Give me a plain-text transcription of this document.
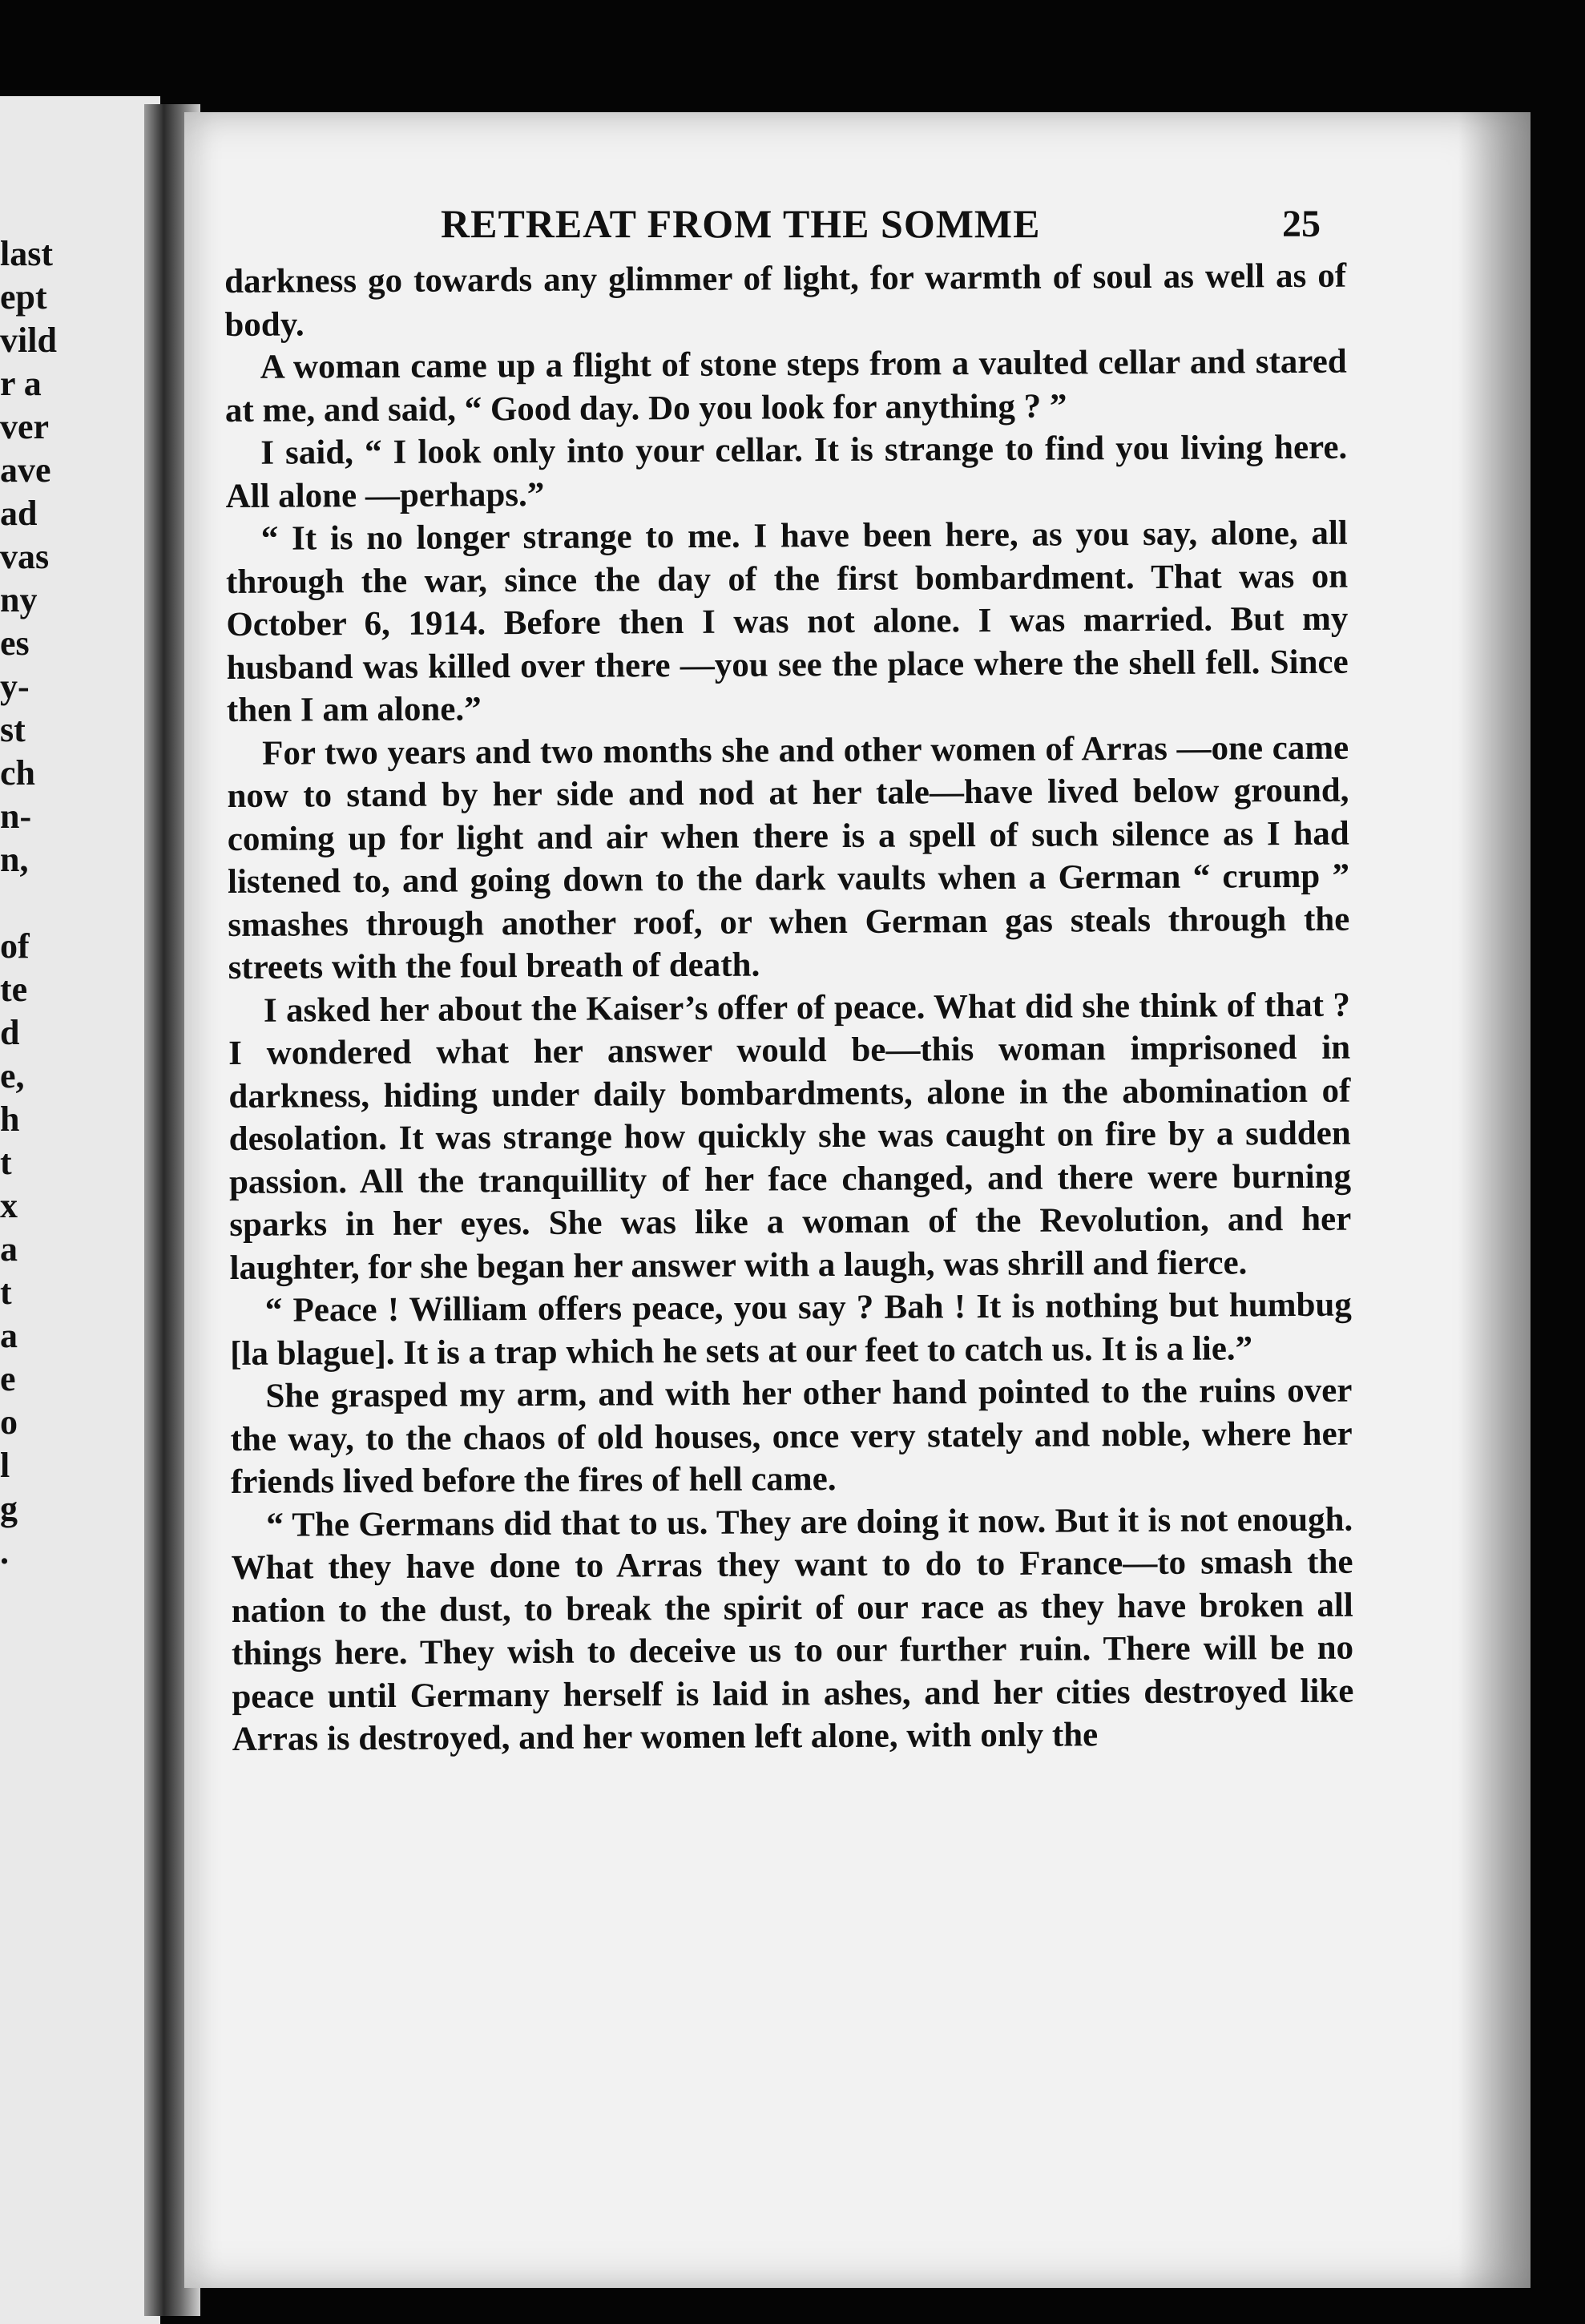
last
ept
vild
r a
ver
ave
ad
vas
ny
es
y-
st
ch
n-
n,
of
te
d
e,
h
t
x
a
t
a
e
o
l
g
.
RETREAT FROM THE SOMME	25

darkness go towards any glimmer of light, for warmth of soul as well as of body.

A woman came up a flight of stone steps from a vaulted cellar and stared at me, and said, “ Good day. Do you look for anything ? ”

I said, “ I look only into your cellar. It is strange to find you living here. All alone —perhaps.”

“ It is no longer strange to me. I have been here, as you say, alone, all through the war, since the day of the first bombardment. That was on October 6, 1914. Before then I was not alone. I was married. But my husband was killed over there —you see the place where the shell fell. Since then I am alone.”

For two years and two months she and other women of Arras —one came now to stand by her side and nod at her tale—have lived below ground, coming up for light and air when there is a spell of such silence as I had listened to, and going down to the dark vaults when a German “ crump ” smashes through another roof, or when German gas steals through the streets with the foul breath of death.

I asked her about the Kaiser’s offer of peace. What did she think of that ? I wondered what her answer would be—this woman imprisoned in darkness, hiding under daily bombardments, alone in the abomination of desolation. It was strange how quickly she was caught on fire by a sudden passion. All the tranquillity of her face changed, and there were burning sparks in her eyes. She was like a woman of the Revolution, and her laughter, for she began her answer with a laugh, was shrill and fierce.

“ Peace ! William offers peace, you say ? Bah ! It is nothing but humbug [la blague]. It is a trap which he sets at our feet to catch us. It is a lie.”

She grasped my arm, and with her other hand pointed to the ruins over the way, to the chaos of old houses, once very stately and noble, where her friends lived before the fires of hell came.

“ The Germans did that to us. They are doing it now. But it is not enough. What they have done to Arras they want to do to France—to smash the nation to the dust, to break the spirit of our race as they have broken all things here. They wish to deceive us to our further ruin. There will be no peace until Germany herself is laid in ashes, and her cities destroyed like Arras is destroyed, and her women left alone, with only the
